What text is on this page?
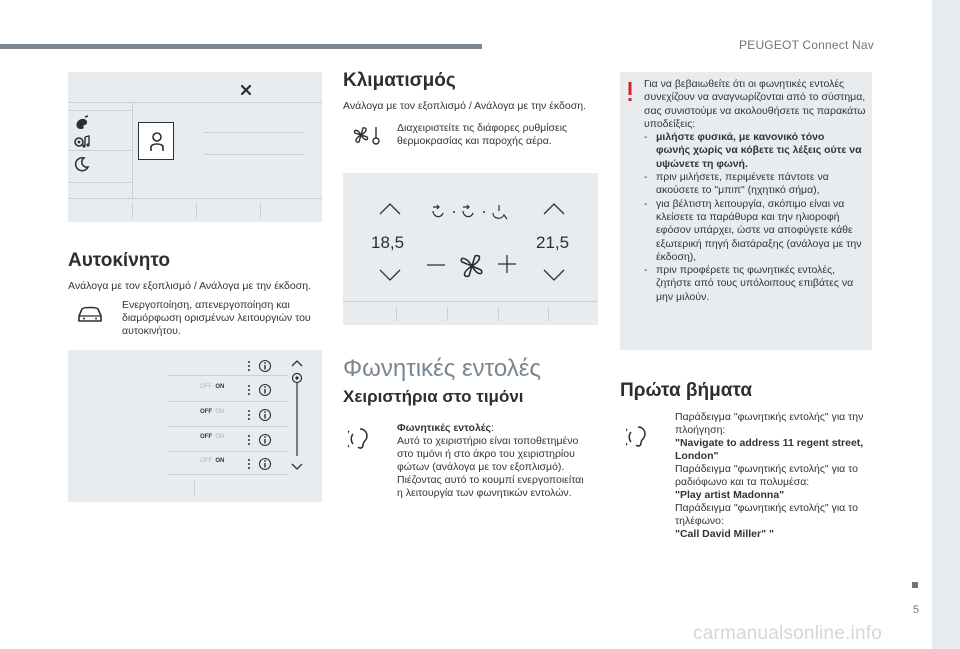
PEUGEOT Connect Nav
5
carmanualsonline.info
Αυτοκίνητο
Ανάλογα με τον εξοπλισμό / Ανάλογα με την έκδοση.
Ενεργοποίηση, απενεργοποίηση και
διαμόρφωση ορισμένων λειτουργιών του
αυτοκινήτου.
OFF ON
OFF ON
OFF ON
OFF ON
Κλιματισμός
Ανάλογα με τον εξοπλισμό / Ανάλογα με την έκδοση.
Διαχειριστείτε τις διάφορες ρυθμίσεις
θερμοκρασίας και παροχής αέρα.
18,5	21,5
Φωνητικές εντολές
Χειριστήρια στο τιμόνι
Φωνητικές εντολές:
Αυτό το χειριστήριο είναι τοποθετημένο
στο τιμόνι ή στο άκρο του χειριστηρίου
φώτων (ανάλογα με τον εξοπλισμό).
Πιέζοντας αυτό το κουμπί ενεργοποιείται
η λειτουργία των φωνητικών εντολών.
Για να βεβαιωθείτε ότι οι φωνητικές εντολές
συνεχίζουν να αναγνωρίζονται από το σύστημα,
σας συνιστούμε να ακολουθήσετε τις παρακάτω
υποδείξεις:
- μιλήστε φυσικά, με κανονικό τόνο
φωνής χωρίς να κόβετε τις λέξεις ούτε να
υψώνετε τη φωνή.
- πριν μιλήσετε, περιμένετε πάντοτε να
ακούσετε το "μπιπ" (ηχητικό σήμα),
- για βέλτιστη λειτουργία, σκόπιμο είναι να
κλείσετε τα παράθυρα και την ηλιοροφή
εφόσον υπάρχει, ώστε να αποφύγετε κάθε
εξωτερική πηγή διατάραξης (ανάλογα με την
έκδοση),
- πριν προφέρετε τις φωνητικές εντολές,
ζητήστε από τους υπόλοιπους επιβάτες να
μην μιλούν.
Πρώτα βήματα
Παράδειγμα "φωνητικής εντολής" για την
πλοήγηση:
"Navigate to address 11 regent street,
London"
Παράδειγμα "φωνητικής εντολής" για το
ραδιόφωνο και τα πολυμέσα:
"Play artist Madonna"
Παράδειγμα "φωνητικής εντολής" για το
τηλέφωνο:
"Call David Miller" "
